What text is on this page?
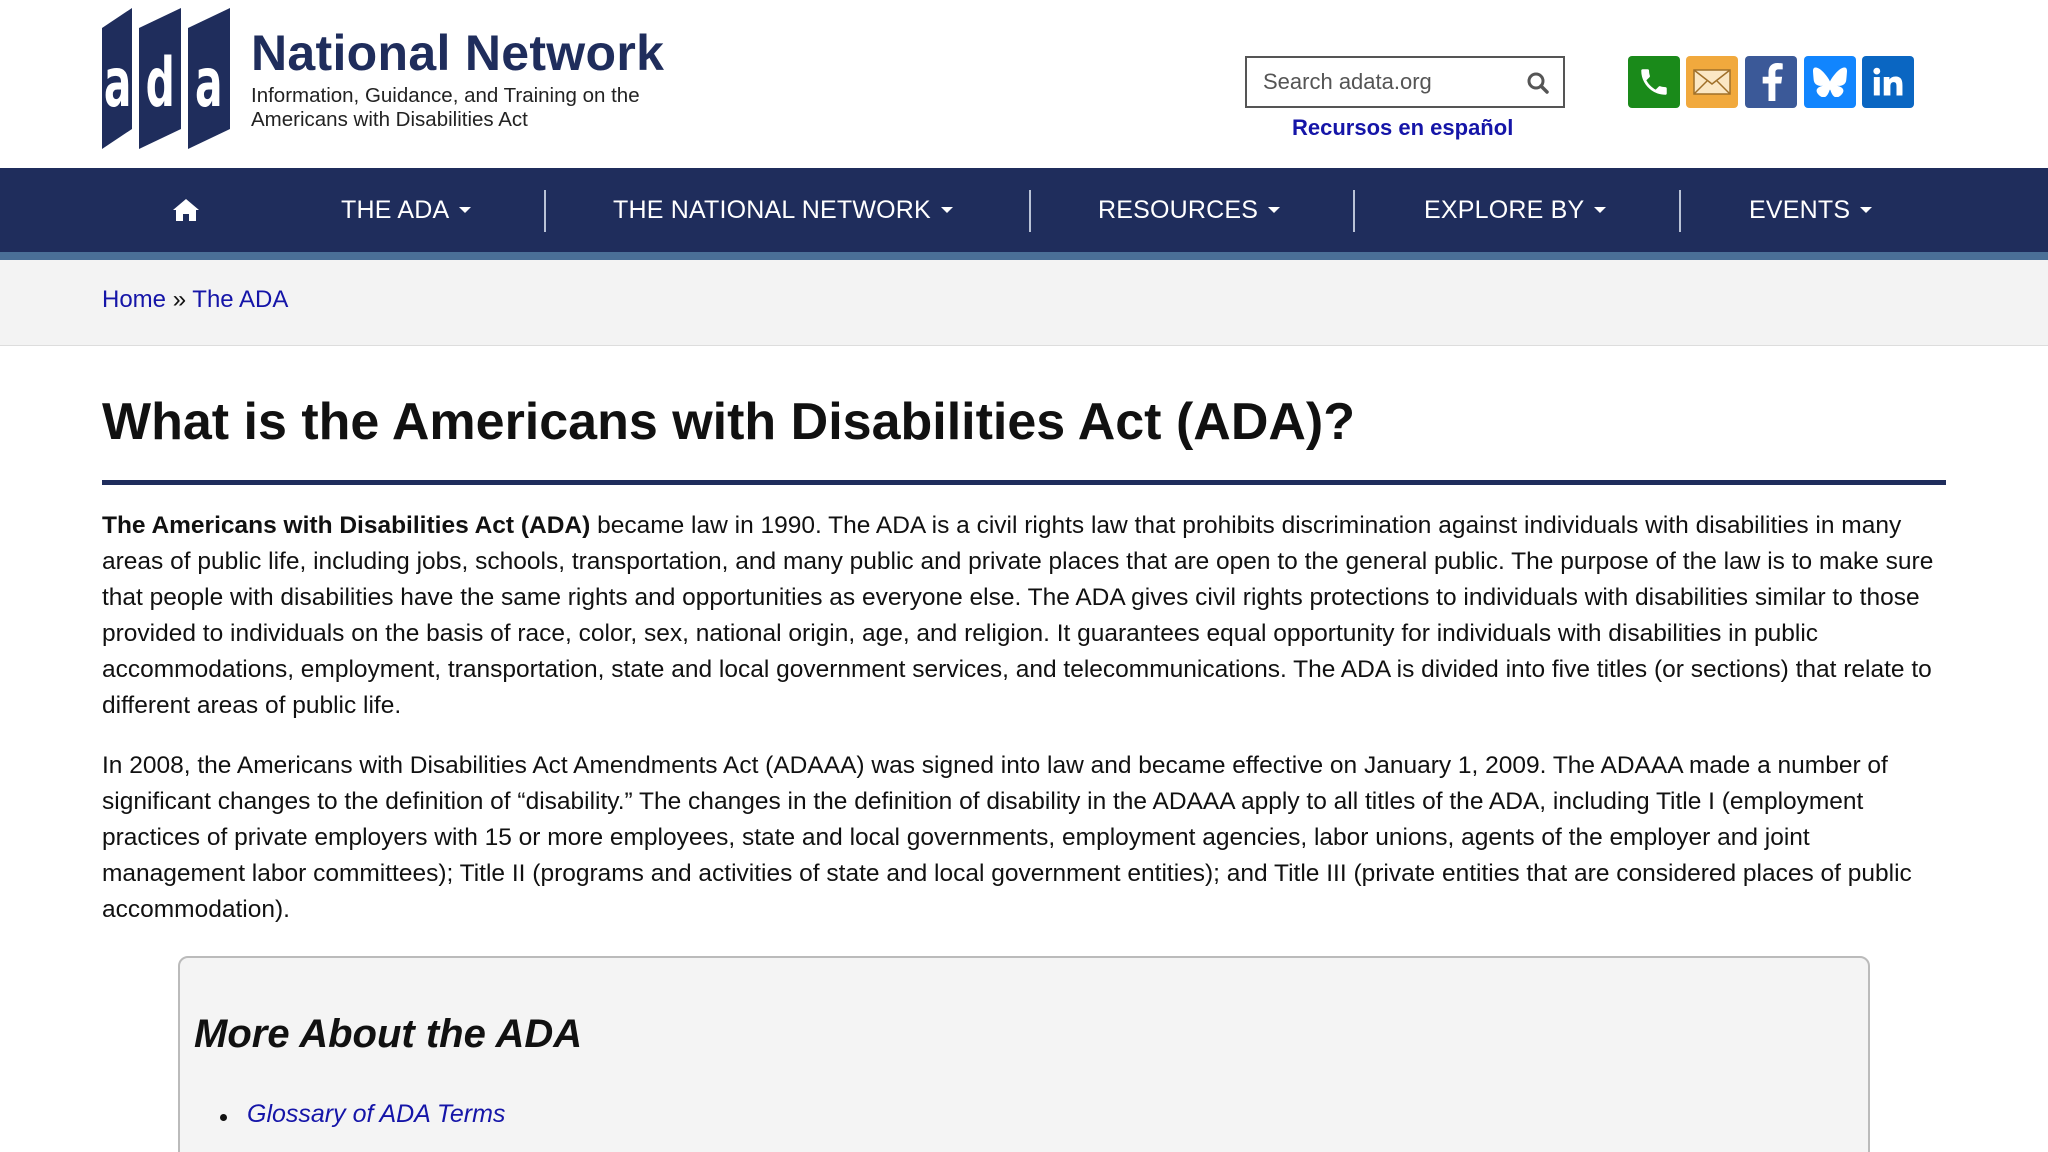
a d a National Network
Information, Guidance, and Training on the Americans with Disabilities Act
Search adata.org	Recursos en español
THE ADA	THE NATIONAL NETWORK	RESOURCES	EXPLORE BY	EVENTS
Home » The ADA
What is the Americans with Disabilities Act (ADA)?

The Americans with Disabilities Act (ADA) became law in 1990. The ADA is a civil rights law that prohibits discrimination against individuals with disabilities in many areas of public life, including jobs, schools, transportation, and many public and private places that are open to the general public. The purpose of the law is to make sure that people with disabilities have the same rights and opportunities as everyone else. The ADA gives civil rights protections to individuals with disabilities similar to those provided to individuals on the basis of race, color, sex, national origin, age, and religion. It guarantees equal opportunity for individuals with disabilities in public accommodations, employment, transportation, state and local government services, and telecommunications. The ADA is divided into five titles (or sections) that relate to different areas of public life.

In 2008, the Americans with Disabilities Act Amendments Act (ADAAA) was signed into law and became effective on January 1, 2009. The ADAAA made a number of significant changes to the definition of “disability.” The changes in the definition of disability in the ADAAA apply to all titles of the ADA, including Title I (employment practices of private employers with 15 or more employees, state and local governments, employment agencies, labor unions, agents of the employer and joint management labor committees); Title II (programs and activities of state and local government entities); and Title III (private entities that are considered places of public accommodation).

More About the ADA
Glossary of ADA Terms
